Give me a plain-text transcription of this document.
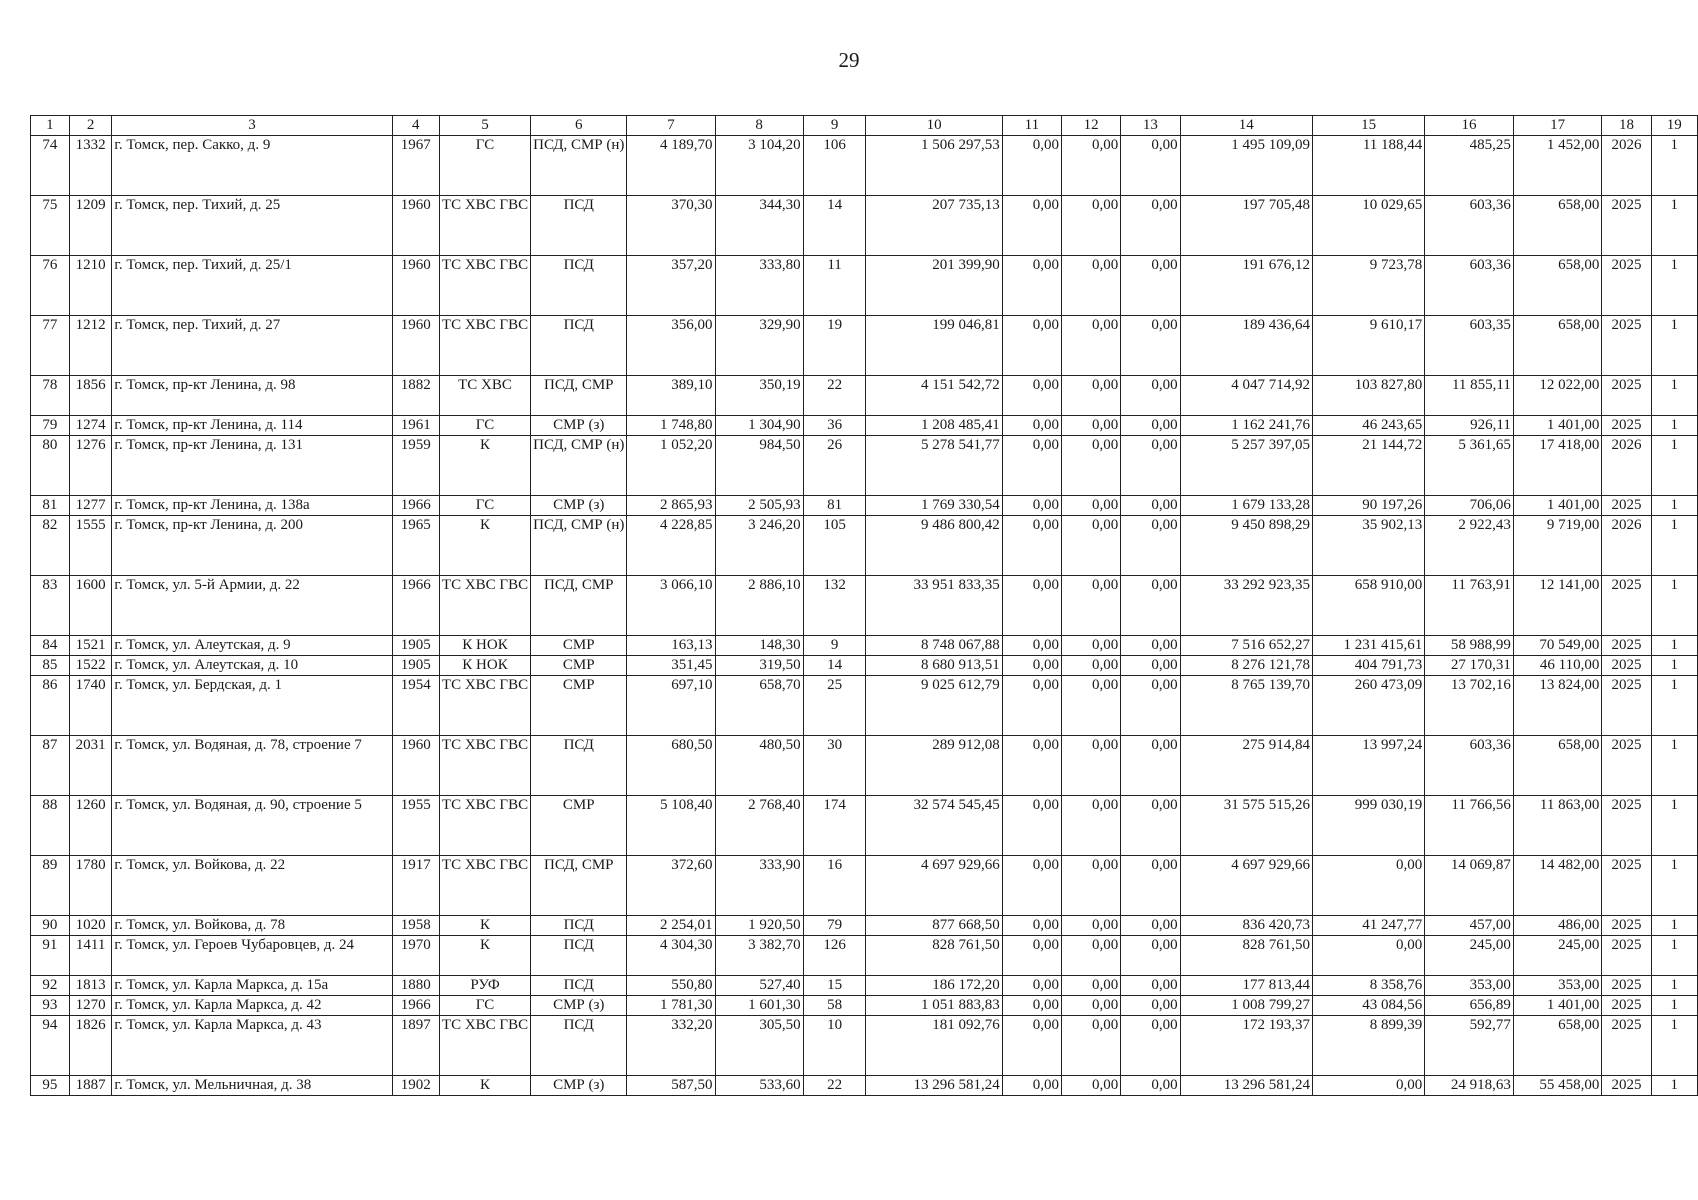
29
1	2	3	4	5	6	7	8	9	10	11	12	13	14	15	16	17	18	19
74	1332	г. Томск, пер. Сакко, д. 9	1967	ГС	ПСД, СМР (н)	4 189,70	3 104,20	106	1 506 297,53	0,00	0,00	0,00	1 495 109,09	11 188,44	485,25	1 452,00	2026	1
75	1209	г. Томск, пер. Тихий, д. 25	1960	ТС ХВС ГВС	ПСД	370,30	344,30	14	207 735,13	0,00	0,00	0,00	197 705,48	10 029,65	603,36	658,00	2025	1
76	1210	г. Томск, пер. Тихий, д. 25/1	1960	ТС ХВС ГВС	ПСД	357,20	333,80	11	201 399,90	0,00	0,00	0,00	191 676,12	9 723,78	603,36	658,00	2025	1
77	1212	г. Томск, пер. Тихий, д. 27	1960	ТС ХВС ГВС	ПСД	356,00	329,90	19	199 046,81	0,00	0,00	0,00	189 436,64	9 610,17	603,35	658,00	2025	1
78	1856	г. Томск, пр-кт Ленина, д. 98	1882	ТС ХВС	ПСД, СМР	389,10	350,19	22	4 151 542,72	0,00	0,00	0,00	4 047 714,92	103 827,80	11 855,11	12 022,00	2025	1
79	1274	г. Томск, пр-кт Ленина, д. 114	1961	ГС	СМР (з)	1 748,80	1 304,90	36	1 208 485,41	0,00	0,00	0,00	1 162 241,76	46 243,65	926,11	1 401,00	2025	1
80	1276	г. Томск, пр-кт Ленина, д. 131	1959	К	ПСД, СМР (н)	1 052,20	984,50	26	5 278 541,77	0,00	0,00	0,00	5 257 397,05	21 144,72	5 361,65	17 418,00	2026	1
81	1277	г. Томск, пр-кт Ленина, д. 138а	1966	ГС	СМР (з)	2 865,93	2 505,93	81	1 769 330,54	0,00	0,00	0,00	1 679 133,28	90 197,26	706,06	1 401,00	2025	1
82	1555	г. Томск, пр-кт Ленина, д. 200	1965	К	ПСД, СМР (н)	4 228,85	3 246,20	105	9 486 800,42	0,00	0,00	0,00	9 450 898,29	35 902,13	2 922,43	9 719,00	2026	1
83	1600	г. Томск, ул. 5-й Армии, д. 22	1966	ТС ХВС ГВС	ПСД, СМР	3 066,10	2 886,10	132	33 951 833,35	0,00	0,00	0,00	33 292 923,35	658 910,00	11 763,91	12 141,00	2025	1
84	1521	г. Томск, ул. Алеутская, д. 9	1905	К НОК	СМР	163,13	148,30	9	8 748 067,88	0,00	0,00	0,00	7 516 652,27	1 231 415,61	58 988,99	70 549,00	2025	1
85	1522	г. Томск, ул. Алеутская, д. 10	1905	К НОК	СМР	351,45	319,50	14	8 680 913,51	0,00	0,00	0,00	8 276 121,78	404 791,73	27 170,31	46 110,00	2025	1
86	1740	г. Томск, ул. Бердская, д. 1	1954	ТС ХВС ГВС	СМР	697,10	658,70	25	9 025 612,79	0,00	0,00	0,00	8 765 139,70	260 473,09	13 702,16	13 824,00	2025	1
87	2031	г. Томск, ул. Водяная, д. 78, строение 7	1960	ТС ХВС ГВС	ПСД	680,50	480,50	30	289 912,08	0,00	0,00	0,00	275 914,84	13 997,24	603,36	658,00	2025	1
88	1260	г. Томск, ул. Водяная, д. 90, строение 5	1955	ТС ХВС ГВС	СМР	5 108,40	2 768,40	174	32 574 545,45	0,00	0,00	0,00	31 575 515,26	999 030,19	11 766,56	11 863,00	2025	1
89	1780	г. Томск, ул. Войкова, д. 22	1917	ТС ХВС ГВС	ПСД, СМР	372,60	333,90	16	4 697 929,66	0,00	0,00	0,00	4 697 929,66	0,00	14 069,87	14 482,00	2025	1
90	1020	г. Томск, ул. Войкова, д. 78	1958	К	ПСД	2 254,01	1 920,50	79	877 668,50	0,00	0,00	0,00	836 420,73	41 247,77	457,00	486,00	2025	1
91	1411	г. Томск, ул. Героев Чубаровцев, д. 24	1970	К	ПСД	4 304,30	3 382,70	126	828 761,50	0,00	0,00	0,00	828 761,50	0,00	245,00	245,00	2025	1
92	1813	г. Томск, ул. Карла Маркса, д. 15а	1880	РУФ	ПСД	550,80	527,40	15	186 172,20	0,00	0,00	0,00	177 813,44	8 358,76	353,00	353,00	2025	1
93	1270	г. Томск, ул. Карла Маркса, д. 42	1966	ГС	СМР (з)	1 781,30	1 601,30	58	1 051 883,83	0,00	0,00	0,00	1 008 799,27	43 084,56	656,89	1 401,00	2025	1
94	1826	г. Томск, ул. Карла Маркса, д. 43	1897	ТС ХВС ГВС	ПСД	332,20	305,50	10	181 092,76	0,00	0,00	0,00	172 193,37	8 899,39	592,77	658,00	2025	1
95	1887	г. Томск, ул. Мельничная, д. 38	1902	К	СМР (з)	587,50	533,60	22	13 296 581,24	0,00	0,00	0,00	13 296 581,24	0,00	24 918,63	55 458,00	2025	1
